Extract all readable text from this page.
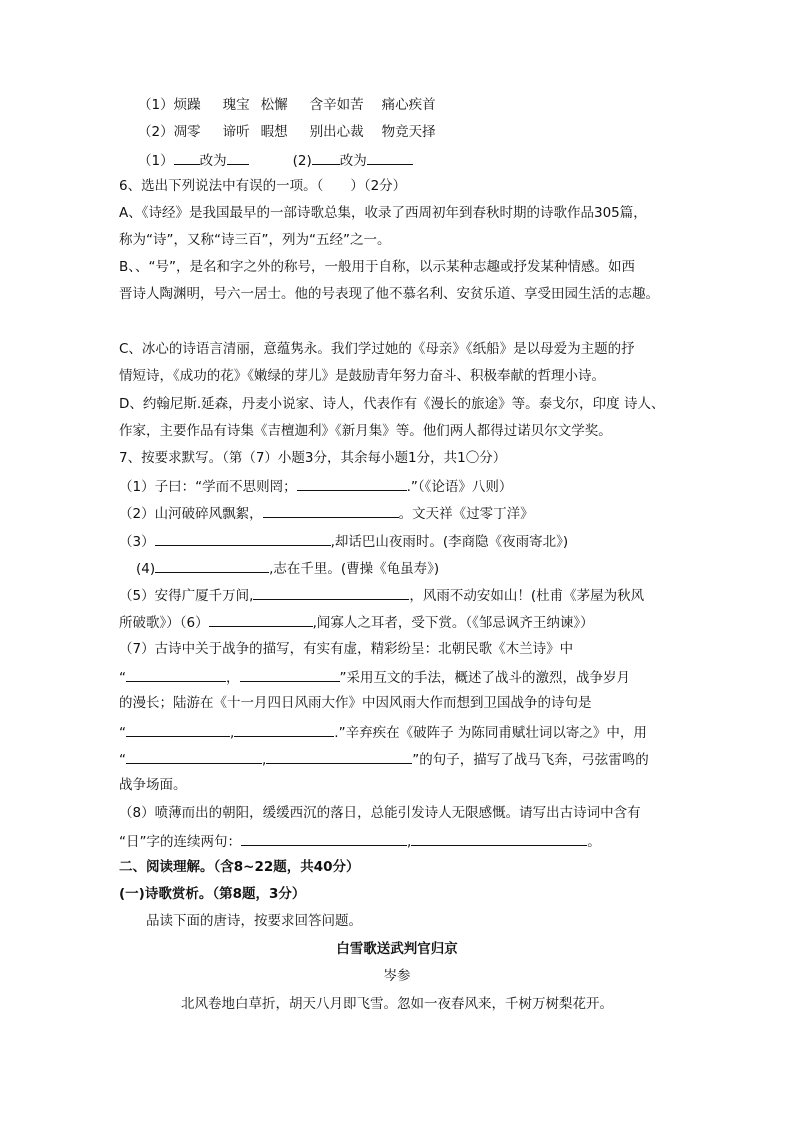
（1）烦躁 瑰宝 松懈 含辛如苦 痛心疾首
（2）凋零 谛听 暇想 别出心裁 物竞天择
（1） 改为	(2) 改为
6、选出下列说法中有误的一项。（　　）（2分）
A、《诗经》是我国最早的一部诗歌总集，收录了西周初年到春秋时期的诗歌作品305篇，
称为“诗”，又称“诗三百”，列为“五经”之一。
B、、“号”，是名和字之外的称号，一般用于自称，以示某种志趣或抒发某种情感。如西
晋诗人陶渊明，号六一居士。他的号表现了他不慕名利、安贫乐道、享受田园生活的志趣。
C、冰心的诗语言清丽，意蕴隽永。我们学过她的《母亲》《纸船》是以母爱为主题的抒
情短诗，《成功的花》《嫩绿的芽儿》是鼓励青年努力奋斗、积极奉献的哲理小诗。
D、约翰尼斯.延森，丹麦小说家、诗人，代表作有《漫长的旅途》等。泰戈尔，印度 诗人、
作家，主要作品有诗集《吉檀迦利》《新月集》等。他们两人都得过诺贝尔文学奖。
7、按要求默写。（第（7）小题3分，其余每小题1分，共1〇分）
（1）子曰：“学而不思则罔；	.”（《论语》八则）
（2）山河破碎风飘絮，	。文天祥《过零丁洋》
（3）	,却话巴山夜雨时。(李商隐《夜雨寄北》)
(4)	,志在千里。(曹操《龟虽寿》)
（5）安得广厦千万间,	，风雨不动安如山！(杜甫《茅屋为秋风
所破歌》）（6）	,闻寡人之耳者，受下赏。（《邹忌讽齐王纳谏》）
（7）古诗中关于战争的描写，有实有虚，精彩纷呈：北朝民歌《木兰诗》中
“	，	”采用互文的手法，概述了战斗的激烈，战争岁月
的漫长；陆游在《十一月四日风雨大作》中因风雨大作而想到卫国战争的诗句是
“	,	.”辛弃疾在《破阵子 为陈同甫赋壮词以寄之》中，用
“	,	”的句子，描写了战马飞奔，弓弦雷鸣的
战争场面。
（8）喷薄而出的朝阳，缓缓西沉的落日，总能引发诗人无限感慨。请写出古诗词中含有
“日”字的连续两句：	,	。
二、阅读理解。（含8~22题，共40分）
(一)诗歌赏析。（第8题，3分）
品读下面的唐诗，按要求回答问题。
白雪歌送武判官归京
岑参
北风卷地白草折，胡天八月即飞雪。忽如一夜春风来，千树万树梨花开。
